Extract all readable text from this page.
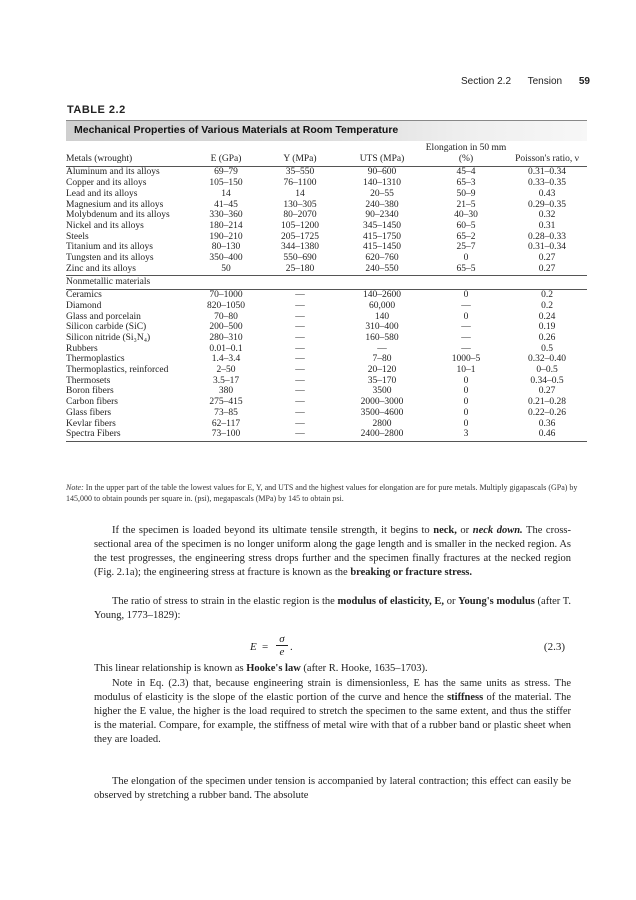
Section 2.2 Tension 59
TABLE 2.2
Mechanical Properties of Various Materials at Room Temperature
Metals (wrought)	E (GPa)	Y (MPa)	UTS (MPa)	Elongation in 50 mm (%)	Poisson's ratio, ν
Aluminum and its alloys	69–79	35–550	90–600	45–4	0.31–0.34
Copper and its alloys	105–150	76–1100	140–1310	65–3	0.33–0.35
Lead and its alloys	14	14	20–55	50–9	0.43
Magnesium and its alloys	41–45	130–305	240–380	21–5	0.29–0.35
Molybdenum and its alloys	330–360	80–2070	90–2340	40–30	0.32
Nickel and its alloys	180–214	105–1200	345–1450	60–5	0.31
Steels	190–210	205–1725	415–1750	65–2	0.28–0.33
Titanium and its alloys	80–130	344–1380	415–1450	25–7	0.31–0.34
Tungsten and its alloys	350–400	550–690	620–760	0	0.27
Zinc and its alloys	50	25–180	240–550	65–5	0.27
Nonmetallic materials					
Ceramics	70–1000	—	140–2600	0	0.2
Diamond	820–1050	—	60,000	—	0.2
Glass and porcelain	70–80	—	140	0	0.24
Silicon carbide (SiC)	200–500	—	310–400	—	0.19
Silicon nitride (Si₃N₄)	280–310	—	160–580	—	0.26
Rubbers	0.01–0.1	—	—	—	0.5
Thermoplastics	1.4–3.4	—	7–80	1000–5	0.32–0.40
Thermoplastics, reinforced	2–50	—	20–120	10–1	0–0.5
Thermosets	3.5–17	—	35–170	0	0.34–0.5
Boron fibers	380	—	3500	0	0.27
Carbon fibers	275–415	—	2000–3000	0	0.21–0.28
Glass fibers	73–85	—	3500–4600	0	0.22–0.26
Kevlar fibers	62–117	—	2800	0	0.36
Spectra Fibers	73–100	—	2400–2800	3	0.46

Note: In the upper part of the table the lowest values for E, Y, and UTS and the highest values for elongation are for pure metals. Multiply gigapascals (GPa) by 145,000 to obtain pounds per square in. (psi), megapascals (MPa) by 145 to obtain psi.

If the specimen is loaded beyond its ultimate tensile strength, it begins to neck, or neck down. The cross-sectional area of the specimen is no longer uniform along the gage length and is smaller in the necked region. As the test progresses, the engineering stress drops further and the specimen finally fractures at the necked region (Fig. 2.1a); the engineering stress at fracture is known as the breaking or fracture stress.

The ratio of stress to strain in the elastic region is the modulus of elasticity, E, or Young's modulus (after T. Young, 1773–1829):

$E = \frac{\sigma}{e}$ .	(2.3)

This linear relationship is known as Hooke's law (after R. Hooke, 1635–1703).

Note in Eq. (2.3) that, because engineering strain is dimensionless, E has the same units as stress. The modulus of elasticity is the slope of the elastic portion of the curve and hence the stiffness of the material. The higher the E value, the higher is the load required to stretch the specimen to the same extent, and thus the stiffer is the material. Compare, for example, the stiffness of metal wire with that of a rubber band or plastic sheet when they are loaded.

The elongation of the specimen under tension is accompanied by lateral contraction; this effect can easily be observed by stretching a rubber band. The absolute
